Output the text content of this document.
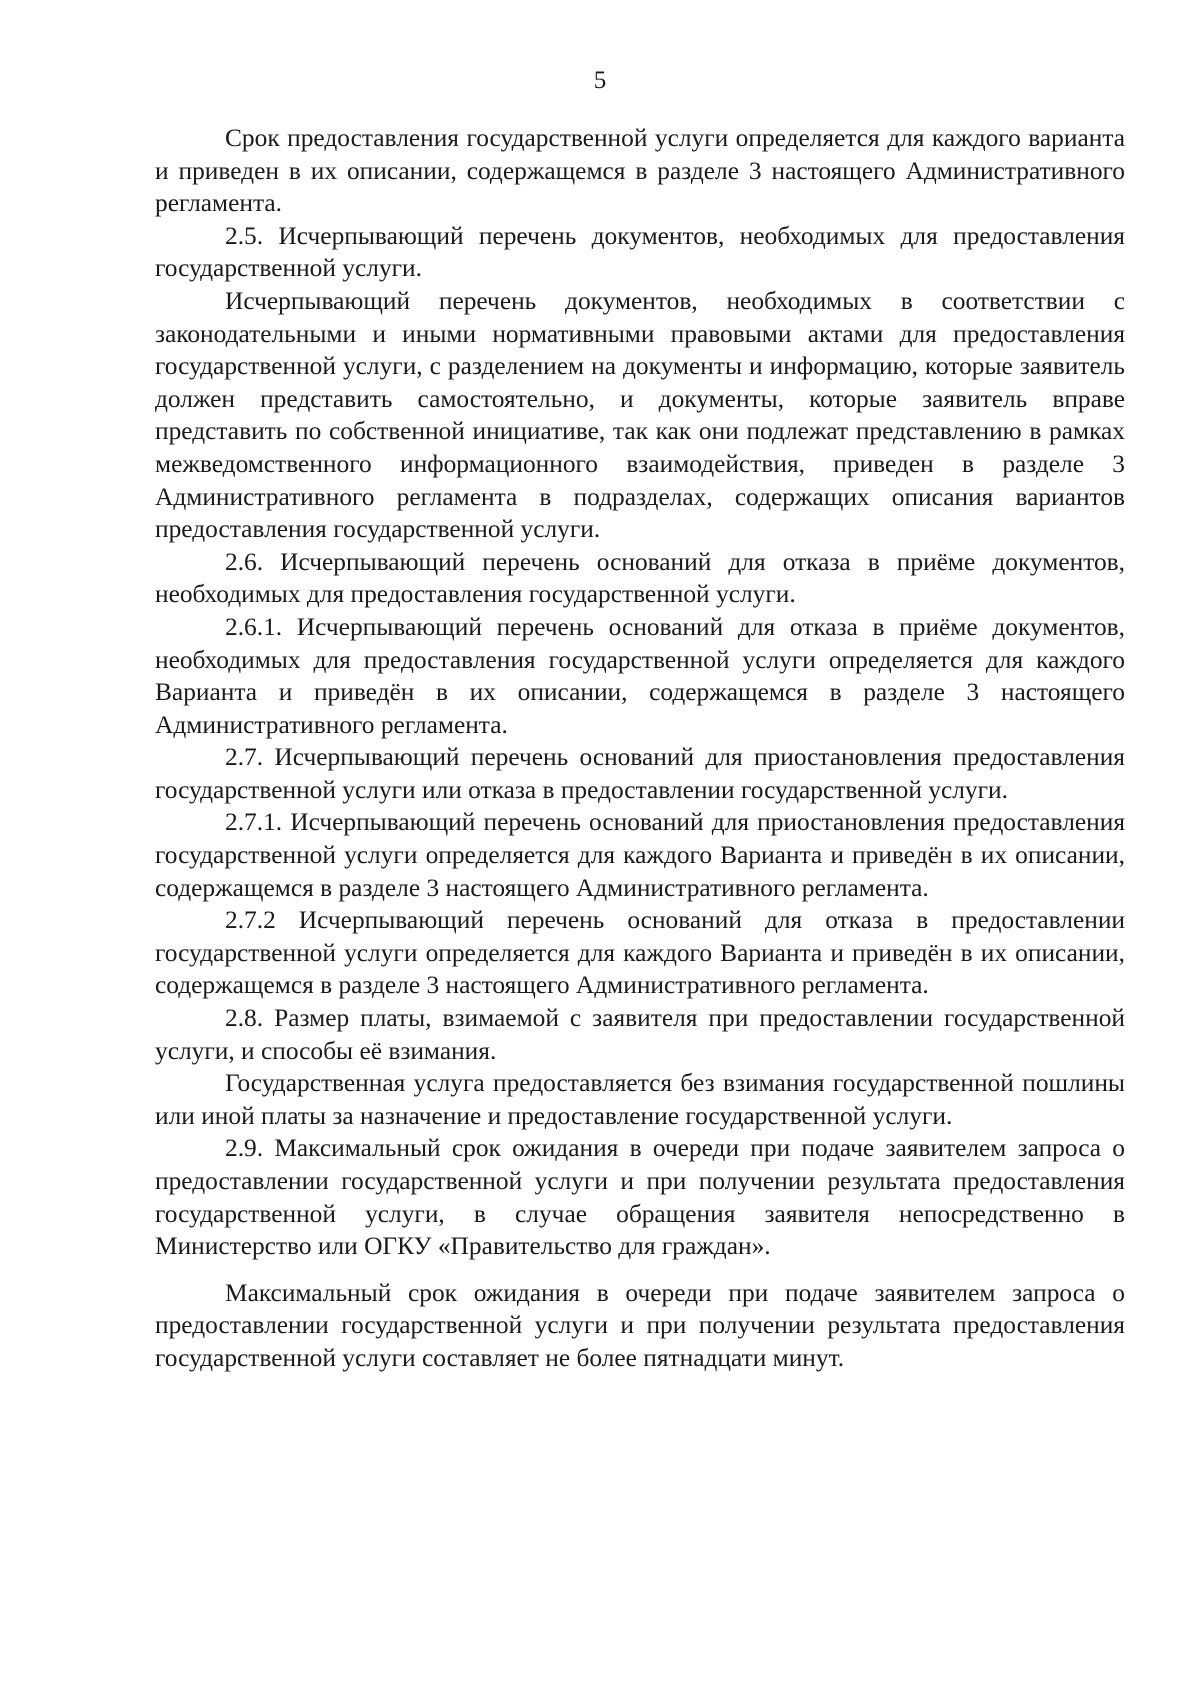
5

Срок предоставления государственной услуги определяется для каждого варианта и приведен в их описании, содержащемся в разделе 3 настоящего Административного регламента.

2.5. Исчерпывающий перечень документов, необходимых для предоставления государственной услуги.

Исчерпывающий перечень документов, необходимых в соответствии с законодательными и иными нормативными правовыми актами для предоставления государственной услуги, с разделением на документы и информацию, которые заявитель должен представить самостоятельно, и документы, которые заявитель вправе представить по собственной инициативе, так как они подлежат представлению в рамках межведомственного информационного взаимодействия, приведен в разделе 3 Административного регламента в подразделах, содержащих описания вариантов предоставления государственной услуги.

2.6. Исчерпывающий перечень оснований для отказа в приёме документов, необходимых для предоставления государственной услуги.

2.6.1. Исчерпывающий перечень оснований для отказа в приёме документов, необходимых для предоставления государственной услуги определяется для каждого Варианта и приведён в их описании, содержащемся в разделе 3 настоящего Административного регламента.

2.7. Исчерпывающий перечень оснований для приостановления предоставления государственной услуги или отказа в предоставлении государственной услуги.

2.7.1. Исчерпывающий перечень оснований для приостановления предоставления государственной услуги определяется для каждого Варианта и приведён в их описании, содержащемся в разделе 3 настоящего Административного регламента.

2.7.2 Исчерпывающий перечень оснований для отказа в предоставлении государственной услуги определяется для каждого Варианта и приведён в их описании, содержащемся в разделе 3 настоящего Административного регламента.

2.8. Размер платы, взимаемой с заявителя при предоставлении государственной услуги, и способы её взимания.

Государственная услуга предоставляется без взимания государственной пошлины или иной платы за назначение и предоставление государственной услуги.

2.9. Максимальный срок ожидания в очереди при подаче заявителем запроса о предоставлении государственной услуги и при получении результата предоставления государственной услуги, в случае обращения заявителя непосредственно в Министерство или ОГКУ «Правительство для граждан».

Максимальный срок ожидания в очереди при подаче заявителем запроса о предоставлении государственной услуги и при получении результата предоставления государственной услуги составляет не более пятнадцати минут.
